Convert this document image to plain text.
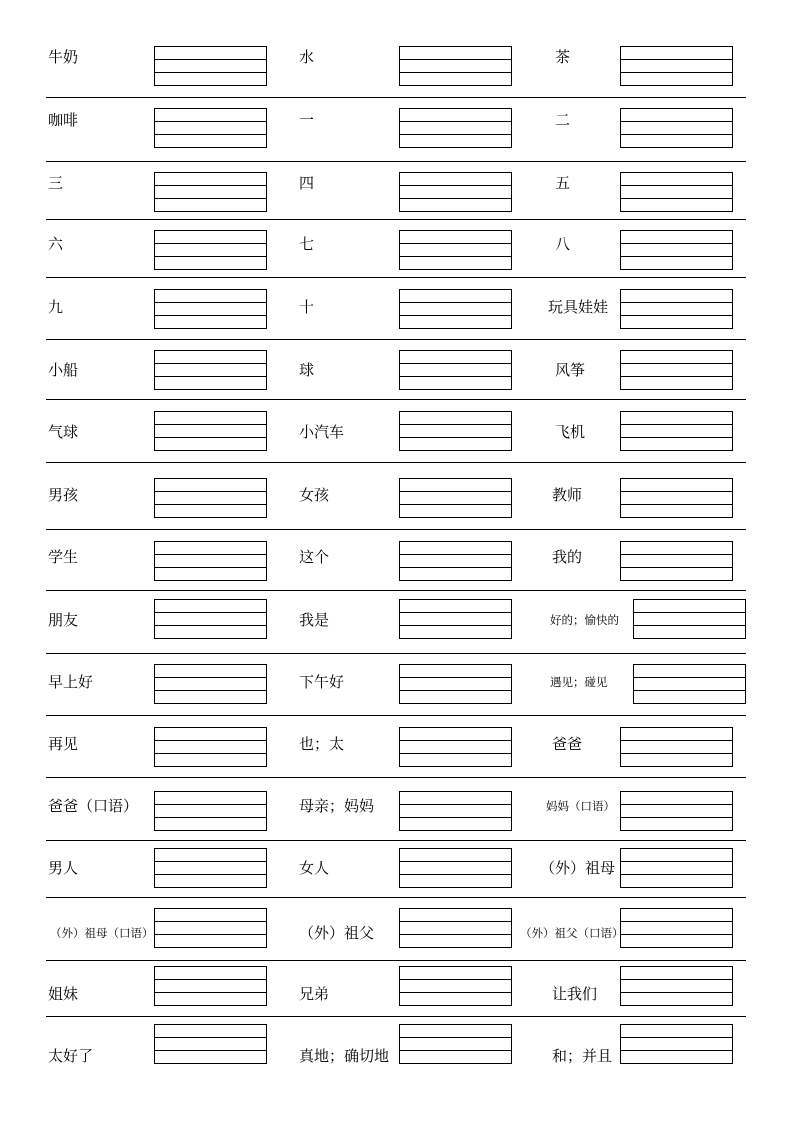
牛奶	水	茶
咖啡	一	二
三	四	五
六	七	八
九	十	玩具娃娃
小船	球	风筝
气球	小汽车	飞机
男孩	女孩	教师
学生	这个	我的
朋友	我是	好的；愉快的
早上好	下午好	遇见；碰见
再见	也；太	爸爸
爸爸（口语）	母亲；妈妈	妈妈（口语）
男人	女人	（外）祖母
（外）祖母（口语）	（外）祖父	（外）祖父（口语）
姐妹	兄弟	让我们
太好了	真地；确切地	和；并且
